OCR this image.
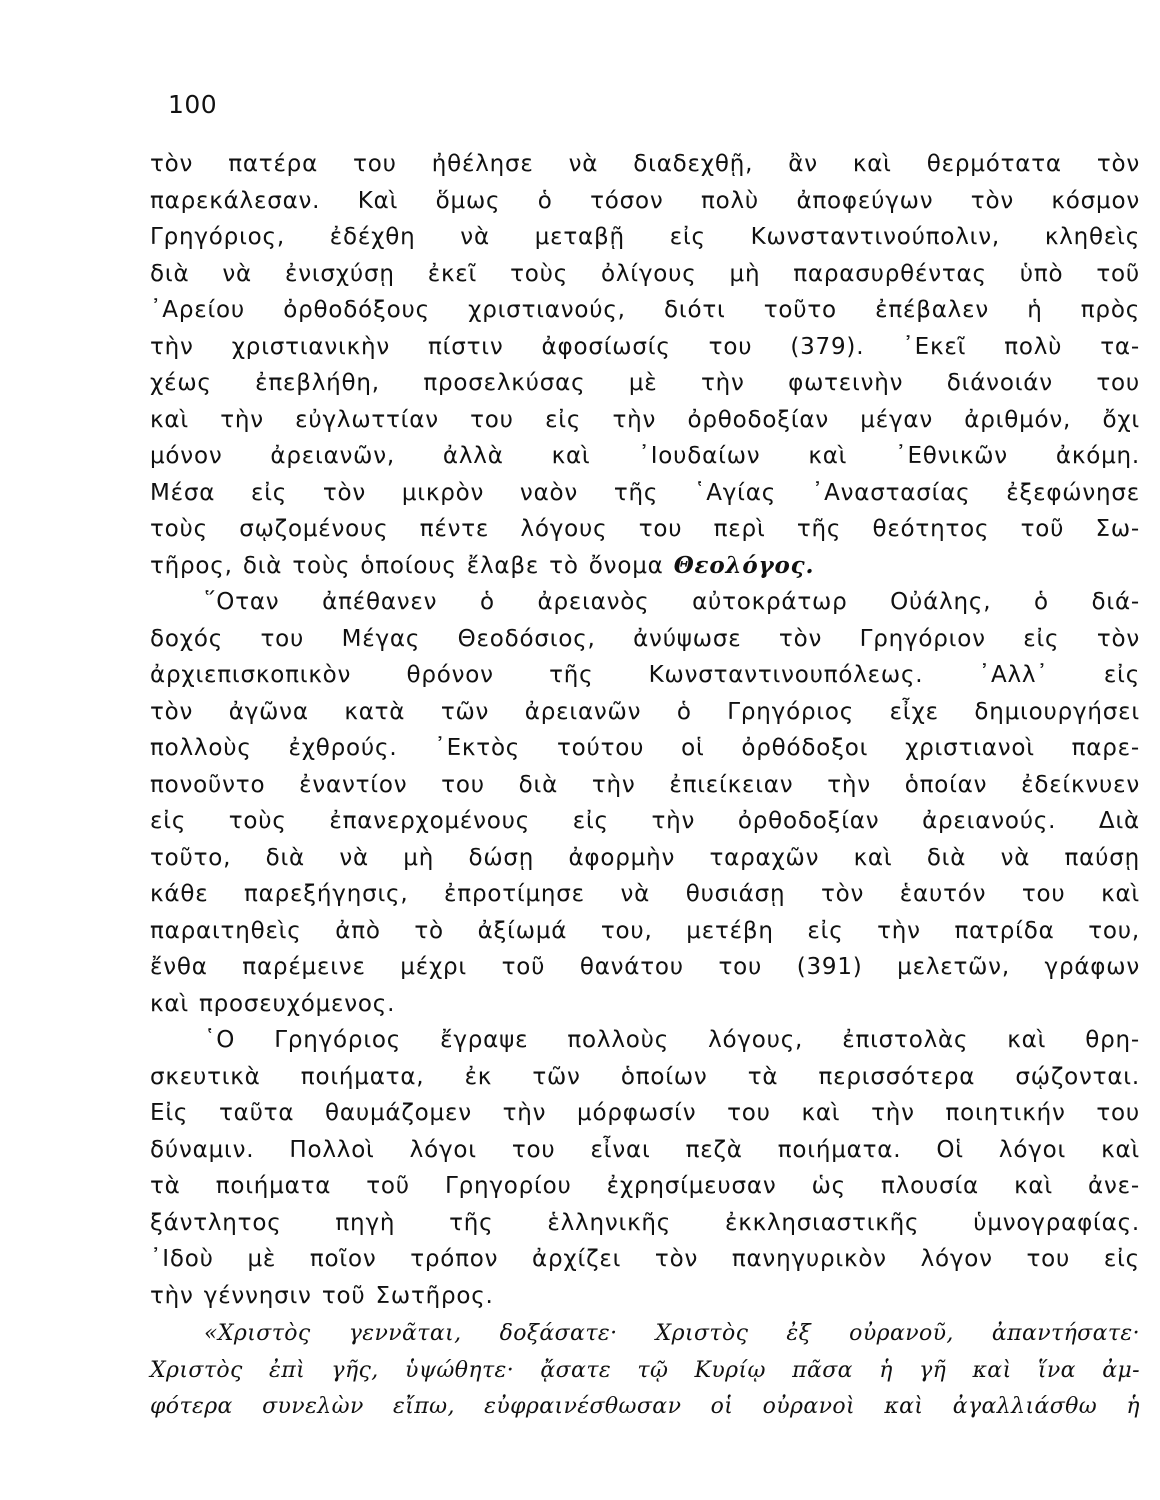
100
τὸν πατέρα του ἠθέλησε νὰ διαδεχθῇ, ἂν καὶ θερμότατα τὸν
παρεκάλεσαν. Καὶ ὅμως ὁ τόσον πολὺ ἀποφεύγων τὸν κόσμον
Γρηγόριος, ἐδέχθη νὰ μεταβῇ εἰς Κωνσταντινούπολιν, κληθεὶς
διὰ νὰ ἐνισχύσῃ ἐκεῖ τοὺς ὀλίγους μὴ παρασυρθέντας ὑπὸ τοῦ
᾿Αρείου ὀρθοδόξους χριστιανούς, διότι τοῦτο ἐπέβαλεν ἡ πρὸς
τὴν χριστιανικὴν πίστιν ἀφοσίωσίς του (379). ᾿Εκεῖ πολὺ τα-
χέως ἐπεβλήθη, προσελκύσας μὲ τὴν φωτεινὴν διάνοιάν του
καὶ τὴν εὐγλωττίαν του εἰς τὴν ὀρθοδοξίαν μέγαν ἀριθμόν, ὄχι
μόνον ἀρειανῶν, ἀλλὰ καὶ ᾿Ιουδαίων καὶ ᾿Εθνικῶν ἀκόμη.
Μέσα εἰς τὸν μικρὸν ναὸν τῆς ῾Αγίας ᾿Αναστασίας ἐξεφώνησε
τοὺς σῳζομένους πέντε λόγους του περὶ τῆς θεότητος τοῦ Σω-
τῆρος, διὰ τοὺς ὁποίους ἔλαβε τὸ ὄνομα Θεολόγος.
῞Οταν ἀπέθανεν ὁ ἀρειανὸς αὐτοκράτωρ Οὐάλης, ὁ διά-
δοχός του Μέγας Θεοδόσιος, ἀνύψωσε τὸν Γρηγόριον εἰς τὸν
ἀρχιεπισκοπικὸν θρόνον τῆς Κωνσταντινουπόλεως. ᾿Αλλ᾿ εἰς
τὸν ἀγῶνα κατὰ τῶν ἀρειανῶν ὁ Γρηγόριος εἶχε δημιουργήσει
πολλοὺς ἐχθρούς. ᾿Εκτὸς τούτου οἱ ὀρθόδοξοι χριστιανοὶ παρε-
πονοῦντο ἐναντίον του διὰ τὴν ἐπιείκειαν τὴν ὁποίαν ἐδείκνυεν
εἰς τοὺς ἐπανερχομένους εἰς τὴν ὀρθοδοξίαν ἀρειανούς. Διὰ
τοῦτο, διὰ νὰ μὴ δώσῃ ἀφορμὴν ταραχῶν καὶ διὰ νὰ παύσῃ
κάθε παρεξήγησις, ἐπροτίμησε νὰ θυσιάσῃ τὸν ἑαυτόν του καὶ
παραιτηθεὶς ἀπὸ τὸ ἀξίωμά του, μετέβη εἰς τὴν πατρίδα του,
ἔνθα παρέμεινε μέχρι τοῦ θανάτου του (391) μελετῶν, γράφων
καὶ προσευχόμενος.
῾Ο Γρηγόριος ἔγραψε πολλοὺς λόγους, ἐπιστολὰς καὶ θρη-
σκευτικὰ ποιήματα, ἐκ τῶν ὁποίων τὰ περισσότερα σῴζονται.
Εἰς ταῦτα θαυμάζομεν τὴν μόρφωσίν του καὶ τὴν ποιητικήν του
δύναμιν. Πολλοὶ λόγοι του εἶναι πεζὰ ποιήματα. Οἱ λόγοι καὶ
τὰ ποιήματα τοῦ Γρηγορίου ἐχρησίμευσαν ὡς πλουσία καὶ ἀνε-
ξάντλητος πηγὴ τῆς ἑλληνικῆς ἐκκλησιαστικῆς ὑμνογραφίας.
᾿Ιδοὺ μὲ ποῖον τρόπον ἀρχίζει τὸν πανηγυρικὸν λόγον του εἰς
τὴν γέννησιν τοῦ Σωτῆρος.
«Χριστὸς γεννᾶται, δοξάσατε· Χριστὸς ἐξ οὐρανοῦ, ἀπαντήσατε·
Χριστὸς ἐπὶ γῆς, ὑψώθητε· ᾄσατε τῷ Κυρίῳ πᾶσα ἡ γῆ καὶ ἵνα ἀμ-
φότερα συνελὼν εἴπω, εὐφραινέσθωσαν οἱ οὐρανοὶ καὶ ἀγαλλιάσθω ἡ
